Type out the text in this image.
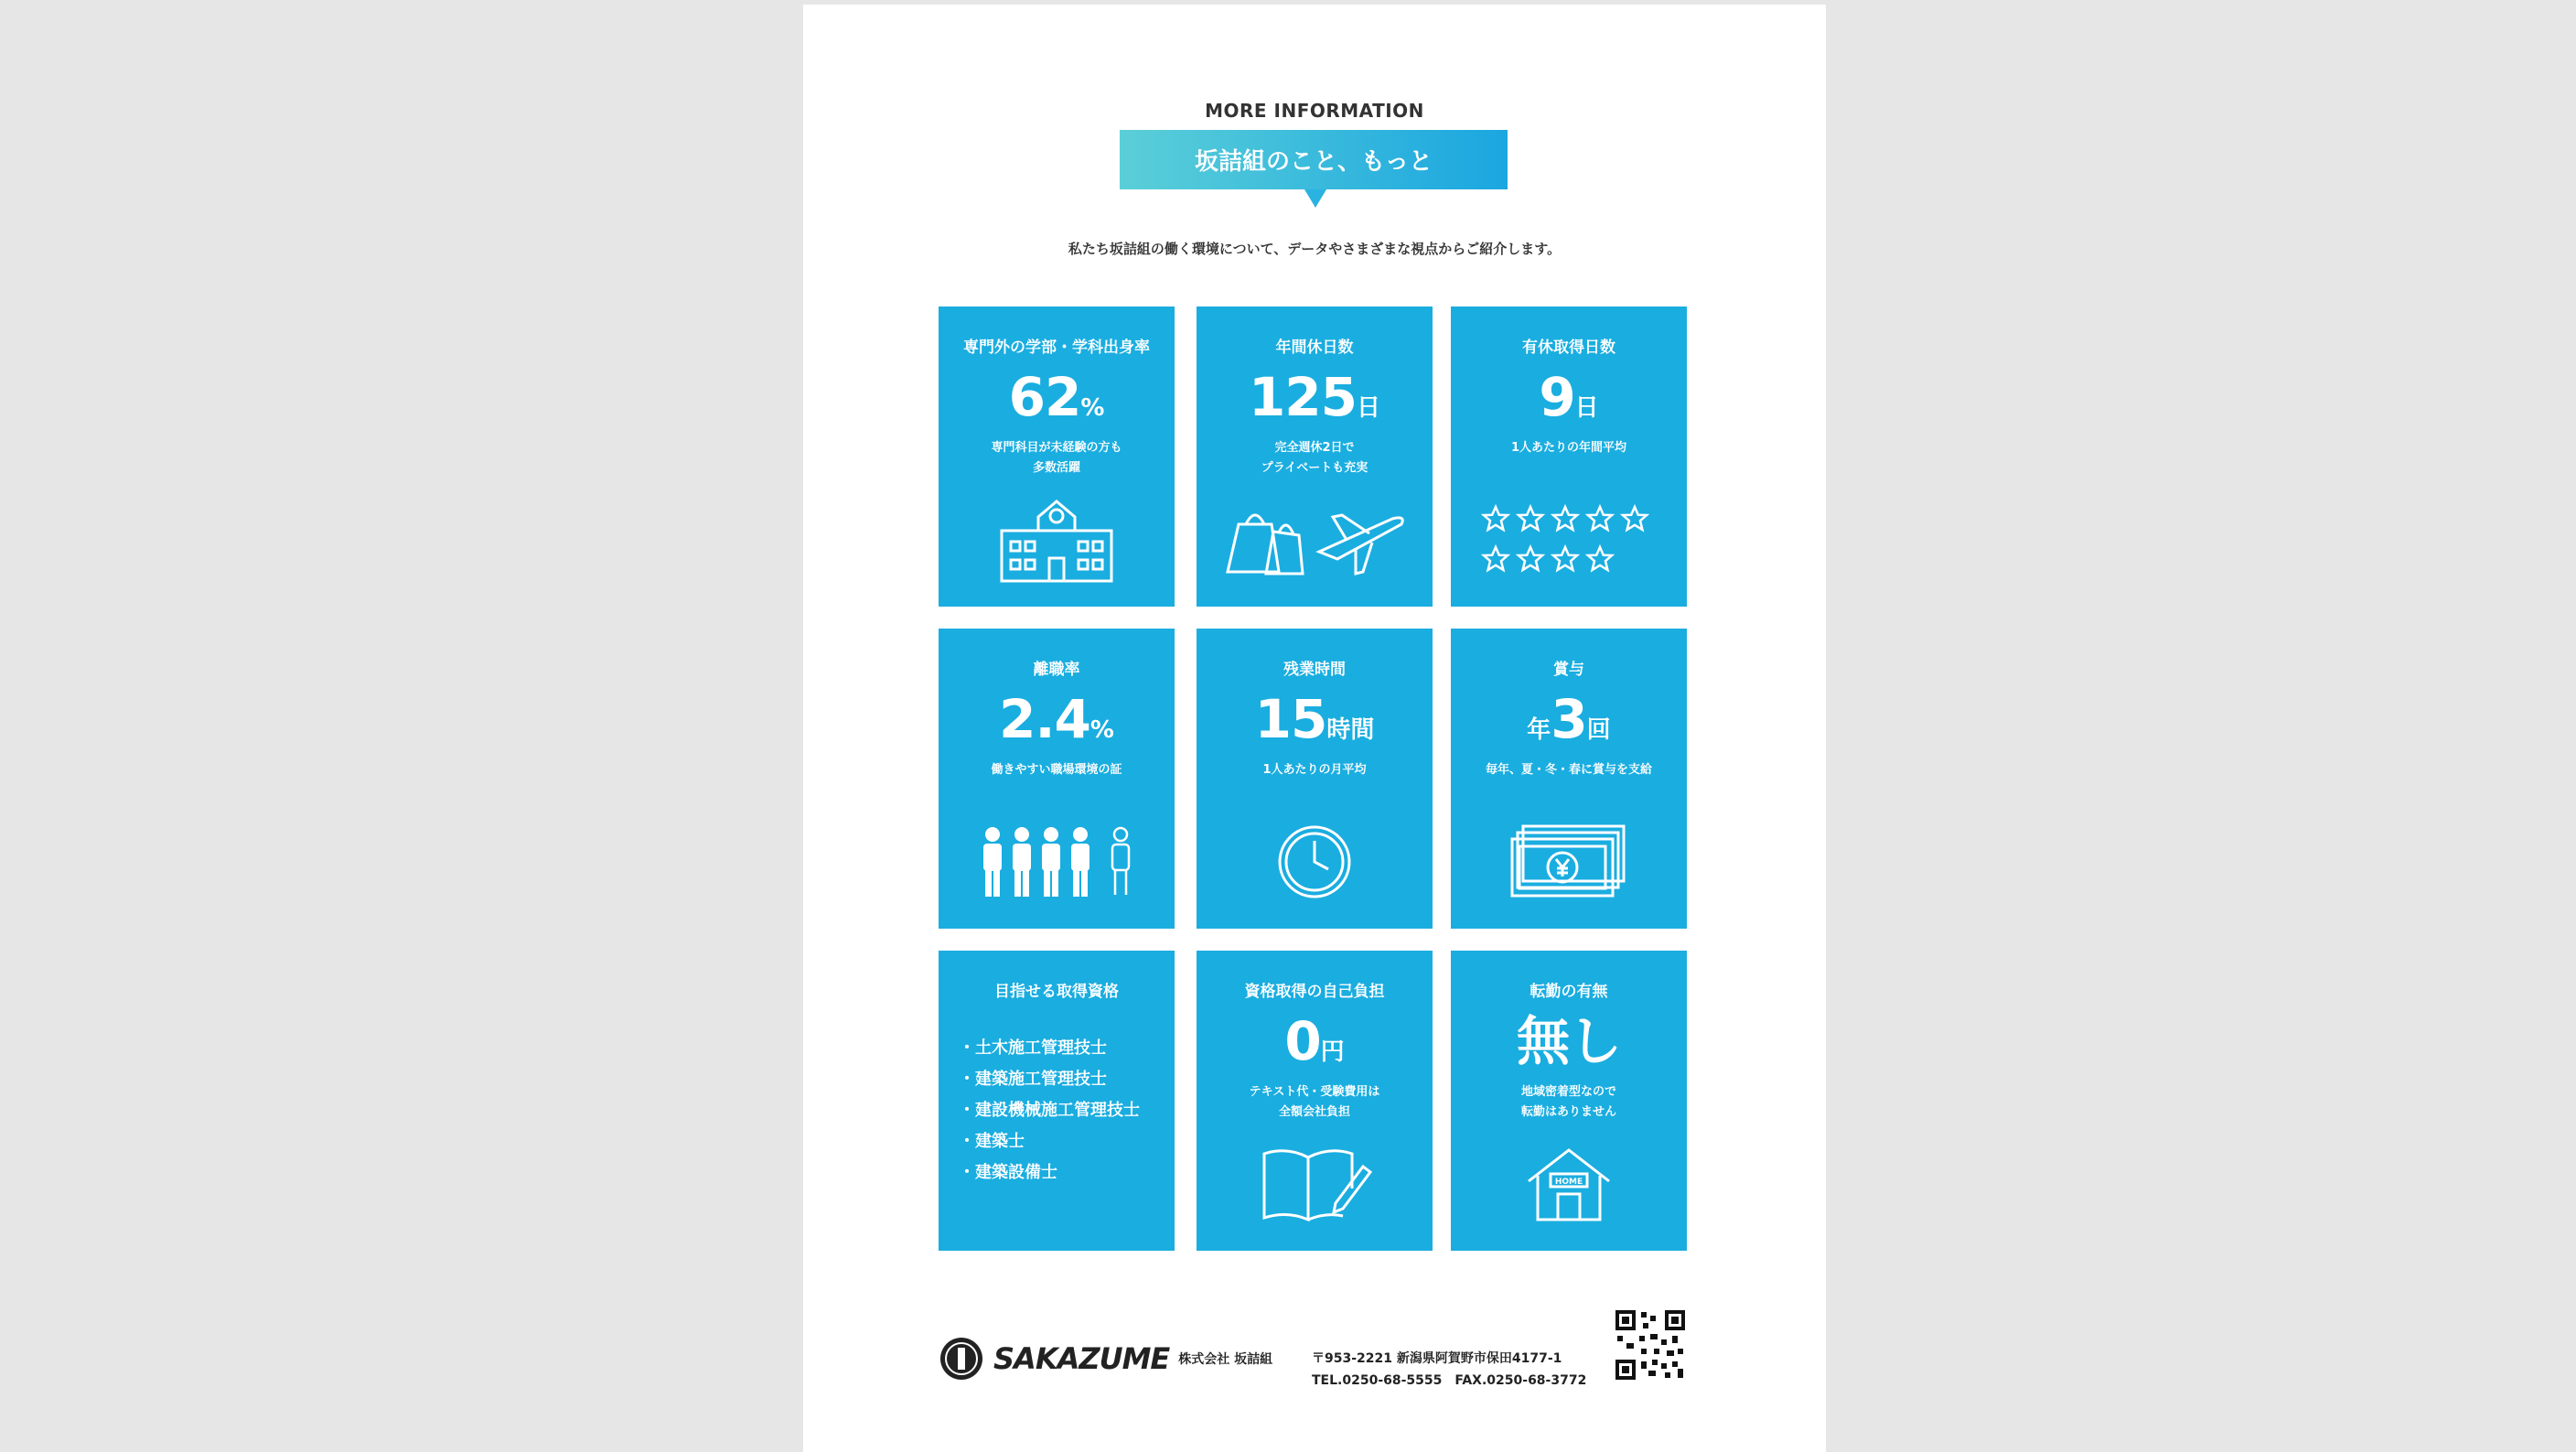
MORE INFORMATION
坂詰組のこと、もっと
私たち坂詰組の働く環境について、データやさまざまな視点からご紹介します。
専門外の学部・学科出身率
62%
専門科目が未経験の方も
多数活躍
年間休日数
125日
完全週休2日で
プライベートも充実
有休取得日数
9日
1人あたりの年間平均
離職率
2.4%
働きやすい職場環境の証
残業時間
15時間
1人あたりの月平均
賞与
年3回
毎年、夏・冬・春に賞与を支給
目指せる取得資格
・土木施工管理技士
・建築施工管理技士
・建設機械施工管理技士
・建築士
・建築設備士
資格取得の自己負担
0円
テキスト代・受験費用は
全額会社負担
転勤の有無
無し
地域密着型なので
転勤はありません
HOME
SAKAZUME 株式会社 坂詰組	〒953-2221 新潟県阿賀野市保田4177-1
TEL.0250-68-5555　FAX.0250-68-3772
